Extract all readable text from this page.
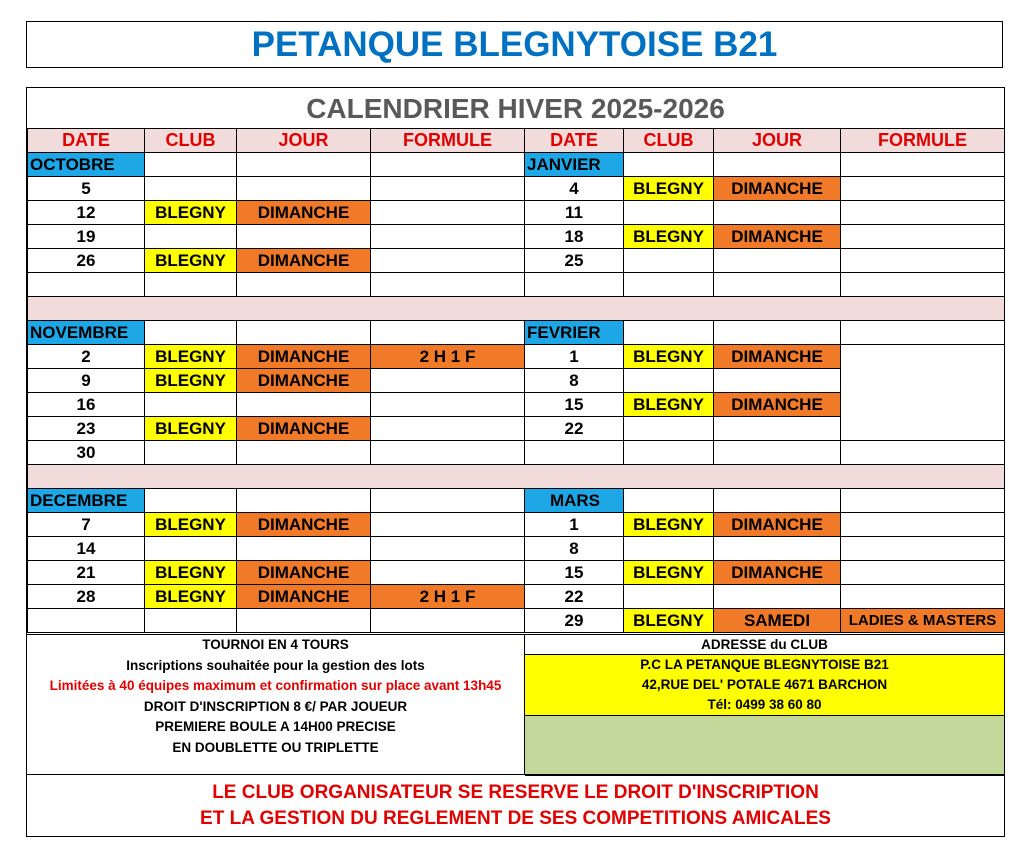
PETANQUE BLEGNYTOISE B21
CALENDRIER HIVER 2025-2026
DATE	CLUB	JOUR	FORMULE	DATE	CLUB	JOUR	FORMULE
OCTOBRE				JANVIER			
5				4	BLEGNY	DIMANCHE	
12	BLEGNY	DIMANCHE		11			
19				18	BLEGNY	DIMANCHE	
26	BLEGNY	DIMANCHE		25			

NOVEMBRE				FEVRIER			
2	BLEGNY	DIMANCHE	2 H 1 F	1	BLEGNY	DIMANCHE	
9	BLEGNY	DIMANCHE		8			
16				15	BLEGNY	DIMANCHE	
23	BLEGNY	DIMANCHE		22			
30							

DECEMBRE				MARS			
7	BLEGNY	DIMANCHE		1	BLEGNY	DIMANCHE	
14				8			
21	BLEGNY	DIMANCHE		15	BLEGNY	DIMANCHE	
28	BLEGNY	DIMANCHE	2 H 1 F	22			
				29	BLEGNY	SAMEDI	LADIES & MASTERS
TOURNOI EN 4 TOURS
Inscriptions souhaitée pour la gestion des lots
Limitées à 40 équipes maximum et confirmation sur place avant 13h45
DROIT D'INSCRIPTION 8 €/ PAR JOUEUR
PREMIERE BOULE A 14H00 PRECISE
EN DOUBLETTE OU TRIPLETTE
ADRESSE du CLUB
P.C LA PETANQUE BLEGNYTOISE B21
42,RUE DEL' POTALE 4671 BARCHON
Tél: 0499 38 60 80
LE CLUB ORGANISATEUR SE RESERVE LE DROIT D'INSCRIPTION
ET LA GESTION DU REGLEMENT DE SES COMPETITIONS AMICALES
